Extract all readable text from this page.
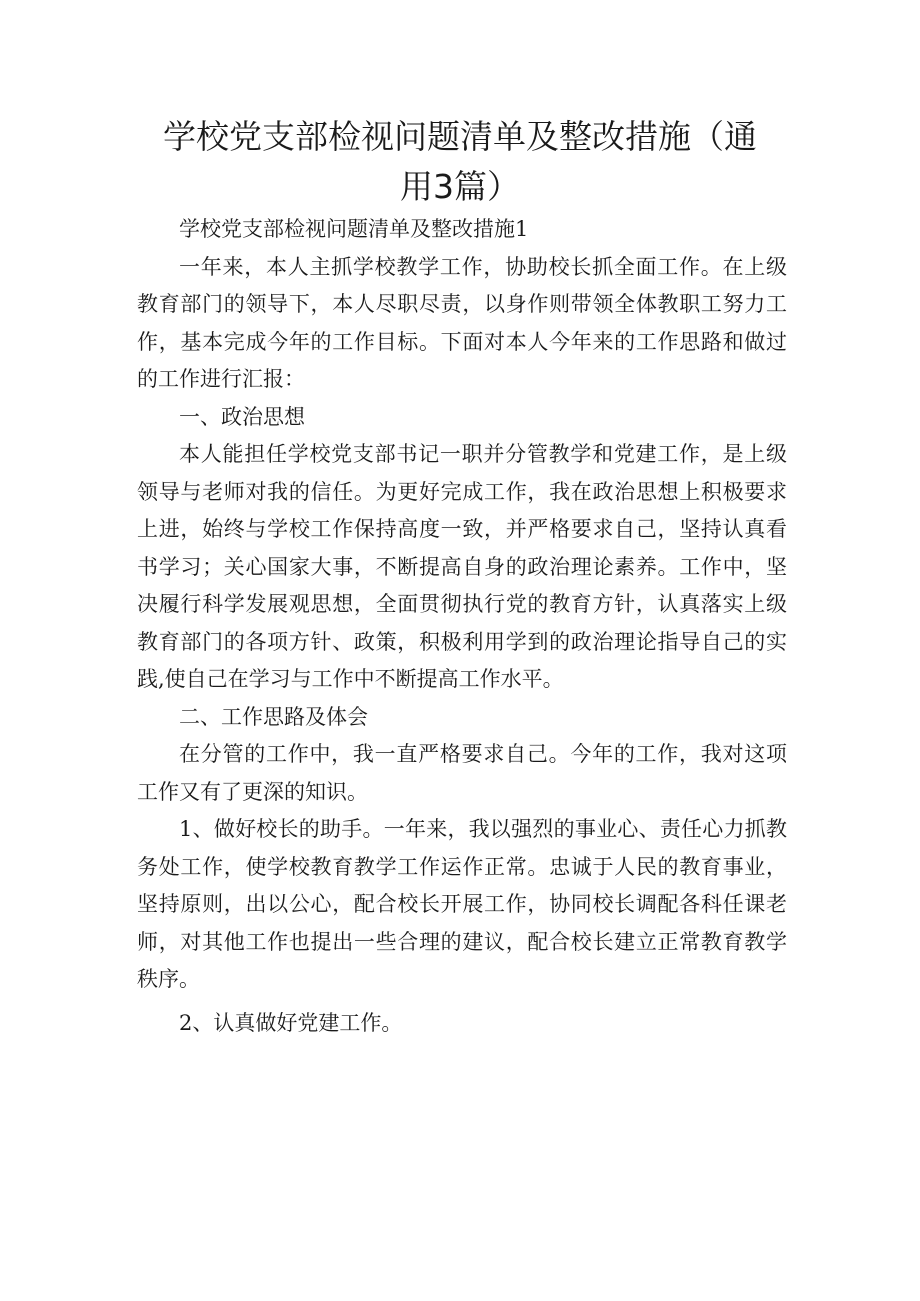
学校党支部检视问题清单及整改措施（通用3篇）

学校党支部检视问题清单及整改措施1

一年来，本人主抓学校教学工作，协助校长抓全面工作。在上级教育部门的领导下，本人尽职尽责，以身作则带领全体教职工努力工作，基本完成今年的工作目标。下面对本人今年来的工作思路和做过的工作进行汇报：

一、政治思想

本人能担任学校党支部书记一职并分管教学和党建工作，是上级领导与老师对我的信任。为更好完成工作，我在政治思想上积极要求上进，始终与学校工作保持高度一致，并严格要求自己，坚持认真看书学习；关心国家大事，不断提高自身的政治理论素养。工作中，坚决履行科学发展观思想，全面贯彻执行党的教育方针，认真落实上级教育部门的各项方针、政策，积极利用学到的政治理论指导自己的实践,使自己在学习与工作中不断提高工作水平。

二、工作思路及体会

在分管的工作中，我一直严格要求自己。今年的工作，我对这项工作又有了更深的知识。

1、做好校长的助手。一年来，我以强烈的事业心、责任心力抓教务处工作，使学校教育教学工作运作正常。忠诚于人民的教育事业，坚持原则，出以公心，配合校长开展工作，协同校长调配各科任课老师，对其他工作也提出一些合理的建议，配合校长建立正常教育教学秩序。

2、认真做好党建工作。
